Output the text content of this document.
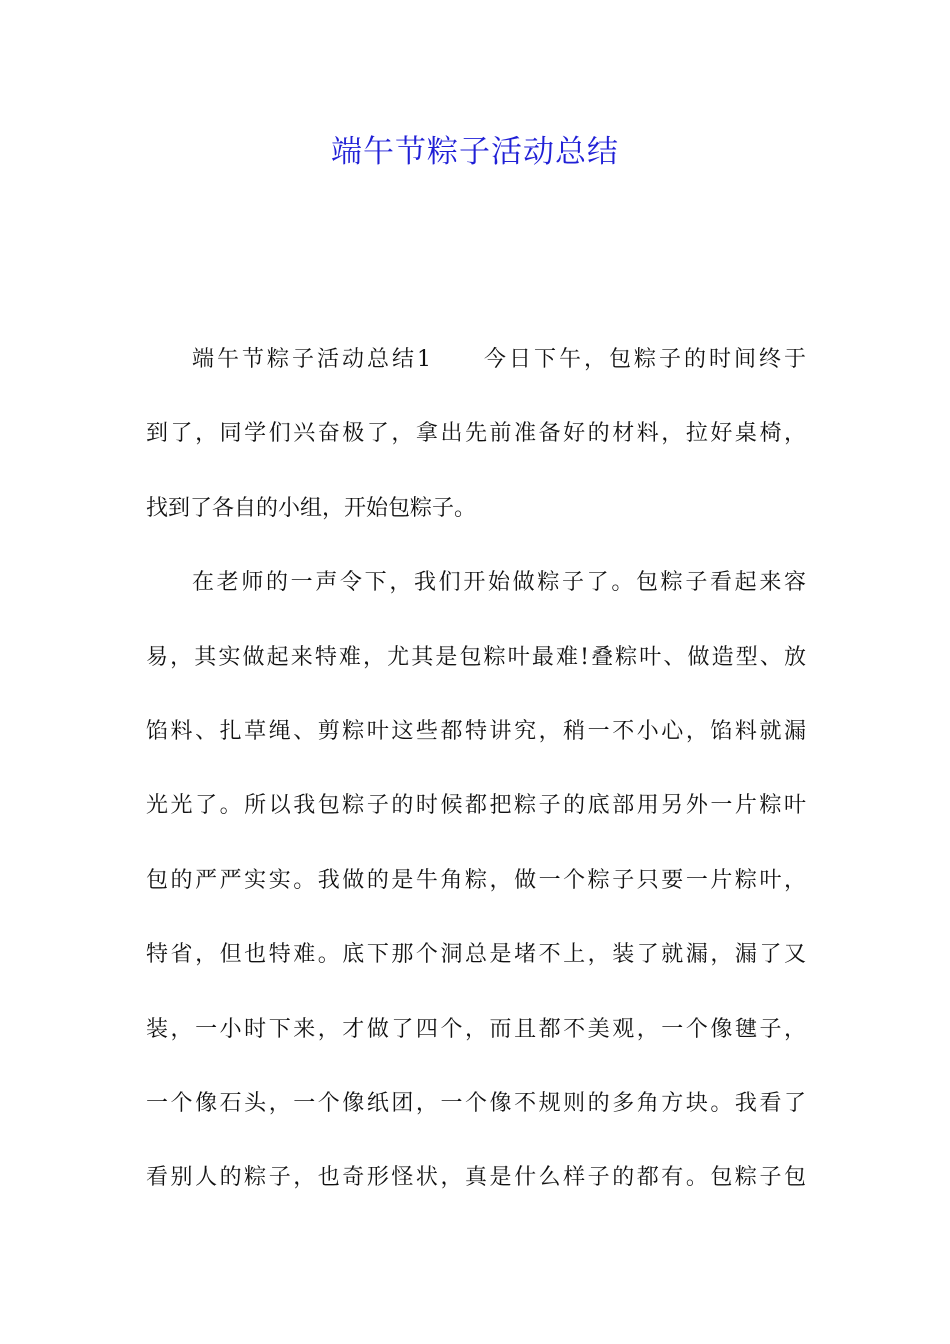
端午节粽子活动总结
端午节粽子活动总结1　　今日下午，包粽子的时间终于
到了，同学们兴奋极了，拿出先前准备好的材料，拉好桌椅，
找到了各自的小组，开始包粽子。
在老师的一声令下，我们开始做粽子了。包粽子看起来容
易，其实做起来特难，尤其是包粽叶最难!叠粽叶、做造型、放
馅料、扎草绳、剪粽叶这些都特讲究，稍一不小心，馅料就漏
光光了。所以我包粽子的时候都把粽子的底部用另外一片粽叶
包的严严实实。我做的是牛角粽，做一个粽子只要一片粽叶，
特省，但也特难。底下那个洞总是堵不上，装了就漏，漏了又
装，一小时下来，才做了四个，而且都不美观，一个像毽子，
一个像石头，一个像纸团，一个像不规则的多角方块。我看了
看别人的粽子，也奇形怪状，真是什么样子的都有。包粽子包
